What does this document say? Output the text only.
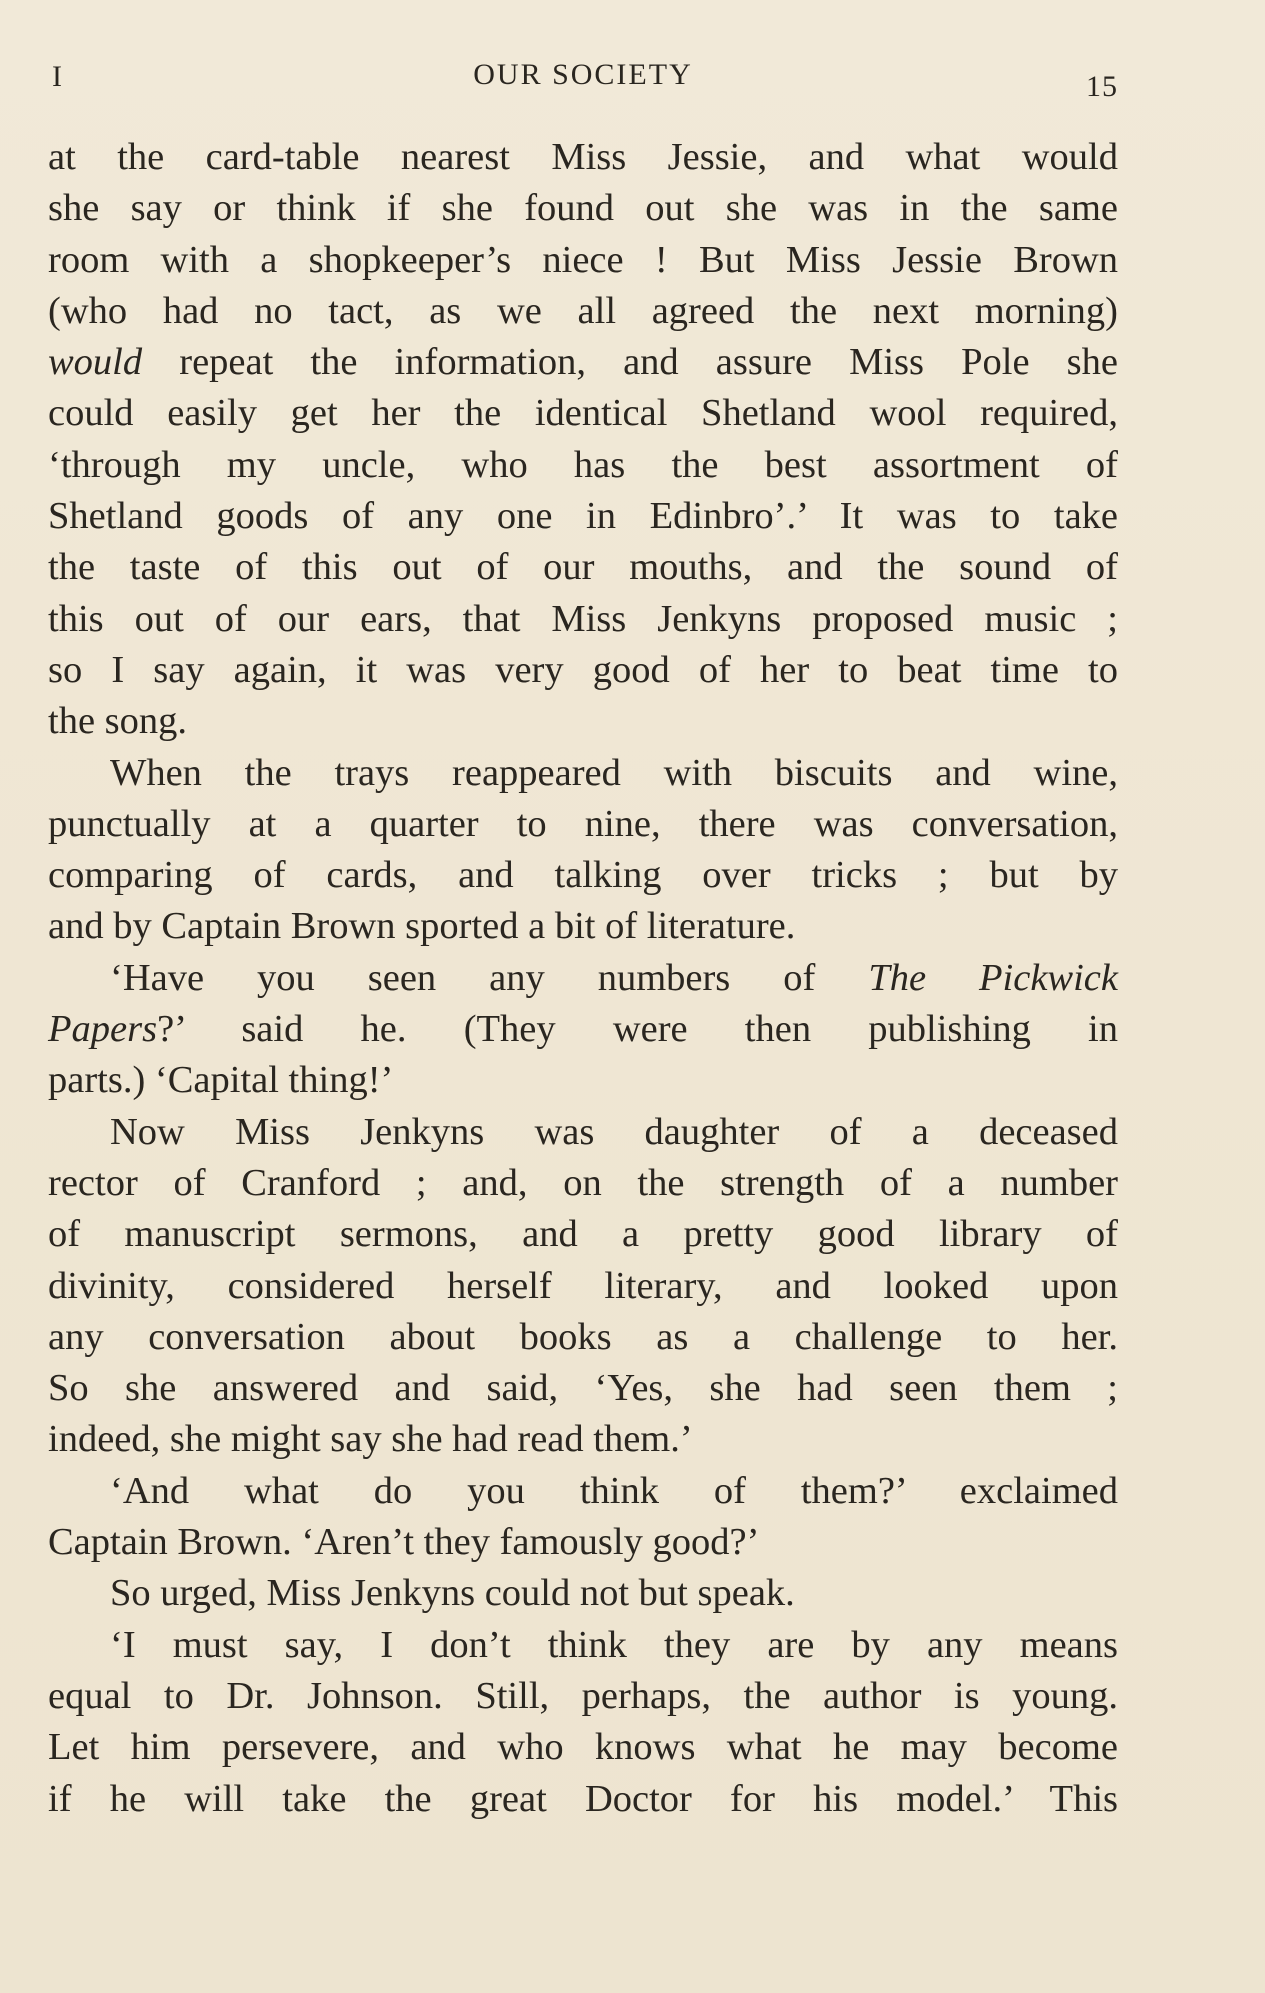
I	OUR SOCIETY	15
at the card-table nearest Miss Jessie, and what would
she say or think if she found out she was in the same
room with a shopkeeper’s niece ! But Miss Jessie Brown
(who had no tact, as we all agreed the next morning)
would repeat the information, and assure Miss Pole she
could easily get her the identical Shetland wool required,
‘through my uncle, who has the best assortment of
Shetland goods of any one in Edinbro’.’ It was to take
the taste of this out of our mouths, and the sound of
this out of our ears, that Miss Jenkyns proposed music ;
so I say again, it was very good of her to beat time to
the song.
When the trays reappeared with biscuits and wine,
punctually at a quarter to nine, there was conversation,
comparing of cards, and talking over tricks ; but by
and by Captain Brown sported a bit of literature.
‘Have you seen any numbers of The Pickwick
Papers?’ said he. (They were then publishing in
parts.) ‘Capital thing!’
Now Miss Jenkyns was daughter of a deceased
rector of Cranford ; and, on the strength of a number
of manuscript sermons, and a pretty good library of
divinity, considered herself literary, and looked upon
any conversation about books as a challenge to her.
So she answered and said, ‘Yes, she had seen them ;
indeed, she might say she had read them.’
‘And what do you think of them?’ exclaimed
Captain Brown. ‘Aren’t they famously good?’
So urged, Miss Jenkyns could not but speak.
‘I must say, I don’t think they are by any means
equal to Dr. Johnson. Still, perhaps, the author is young.
Let him persevere, and who knows what he may become
if he will take the great Doctor for his model.’ This
